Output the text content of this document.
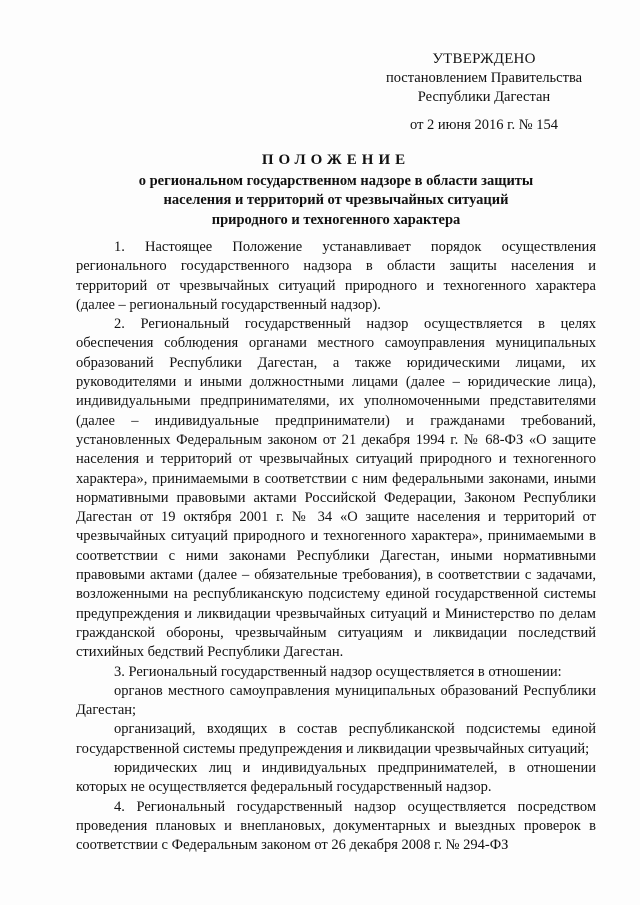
УТВЕРЖДЕНО
постановлением Правительства
Республики Дагестан
от 2 июня 2016 г. № 154
ПОЛОЖЕНИЕ
о региональном государственном надзоре в области защиты
населения и территорий от чрезвычайных ситуаций
природного и техногенного характера

1. Настоящее Положение устанавливает порядок осуществления регионального государственного надзора в области защиты населения и территорий от чрезвычайных ситуаций природного и техногенного характера (далее – региональный государственный надзор).

2. Региональный государственный надзор осуществляется в целях обеспечения соблюдения органами местного самоуправления муниципальных образований Республики Дагестан, а также юридическими лицами, их руководителями и иными должностными лицами (далее – юридические лица), индивидуальными предпринимателями, их уполномоченными представителями (далее – индивидуальные предприниматели) и гражданами требований, установленных Федеральным законом от 21 декабря 1994 г. № 68-ФЗ «О защите населения и территорий от чрезвычайных ситуаций природного и техногенного характера», принимаемыми в соответствии с ним федеральными законами, иными нормативными правовыми актами Российской Федерации, Законом Республики Дагестан от 19 октября 2001 г. № 34 «О защите населения и территорий от чрезвычайных ситуаций природного и техногенного характера», принимаемыми в соответствии с ними законами Республики Дагестан, иными нормативными правовыми актами (далее – обязательные требования), в соответствии с задачами, возложенными на республиканскую подсистему единой государственной системы предупреждения и ликвидации чрезвычайных ситуаций и Министерство по делам гражданской обороны, чрезвычайным ситуациям и ликвидации последствий стихийных бедствий Республики Дагестан.

3. Региональный государственный надзор осуществляется в отношении:

органов местного самоуправления муниципальных образований Республики Дагестан;

организаций, входящих в состав республиканской подсистемы единой государственной системы предупреждения и ликвидации чрезвычайных ситуаций;

юридических лиц и индивидуальных предпринимателей, в отношении которых не осуществляется федеральный государственный надзор.

4. Региональный государственный надзор осуществляется посредством проведения плановых и внеплановых, документарных и выездных проверок в соответствии с Федеральным законом от 26 декабря 2008 г. № 294-ФЗ
